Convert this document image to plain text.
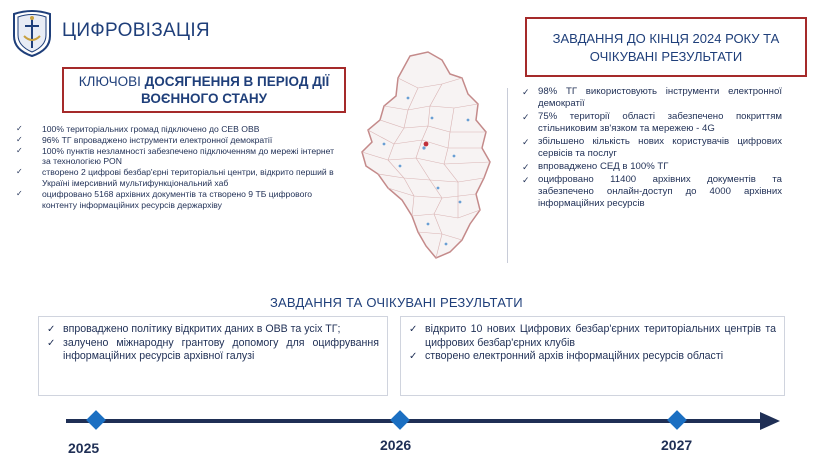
ЦИФРОВІЗАЦІЯ
КЛЮЧОВІ ДОСЯГНЕННЯ В ПЕРІОД ДІЇ ВОЄННОГО СТАНУ
✓ 100% територіальних громад підключено до СЕВ ОВВ
✓ 96% ТГ впроваджено інструменти електронної демократії
✓ 100% пунктів незламності забезпечено підключенням до мережі інтернет за технологією PON
✓ створено 2 цифрові безбар'єрні територіальні центри, відкрито перший в Україні імерсивний мультифункціональний хаб
✓ оцифровано 5168 архівних документів та створено 9 ТБ цифрового контенту інформаційних ресурсів держархіву
ЗАВДАННЯ ДО КІНЦЯ 2024 РОКУ ТА ОЧІКУВАНІ РЕЗУЛЬТАТИ
✓ 98% ТГ використовують інструменти електронної демократії
✓ 75% території області забезпечено покриттям стільниковим зв'язком та мережею - 4G
✓ збільшено кількість нових користувачів цифрових сервісів та послуг
✓ впроваджено СЕД в 100% ТГ
✓ оцифровано 11400 архівних документів та забезпечено онлайн-доступ до 4000 архівних інформаційних ресурсів
ЗАВДАННЯ ТА ОЧІКУВАНІ РЕЗУЛЬТАТИ
✓ впроваджено політику відкритих даних в ОВВ та усіх ТГ;
✓ залучено міжнародну грантову допомогу для оцифрування інформаційних ресурсів архівної галузі
✓ відкрито 10 нових Цифрових безбар'єрних територіальних центрів та цифрових безбар'єрних клубів
✓ створено електронний архів інформаційних ресурсів області
2025	2026	2027
